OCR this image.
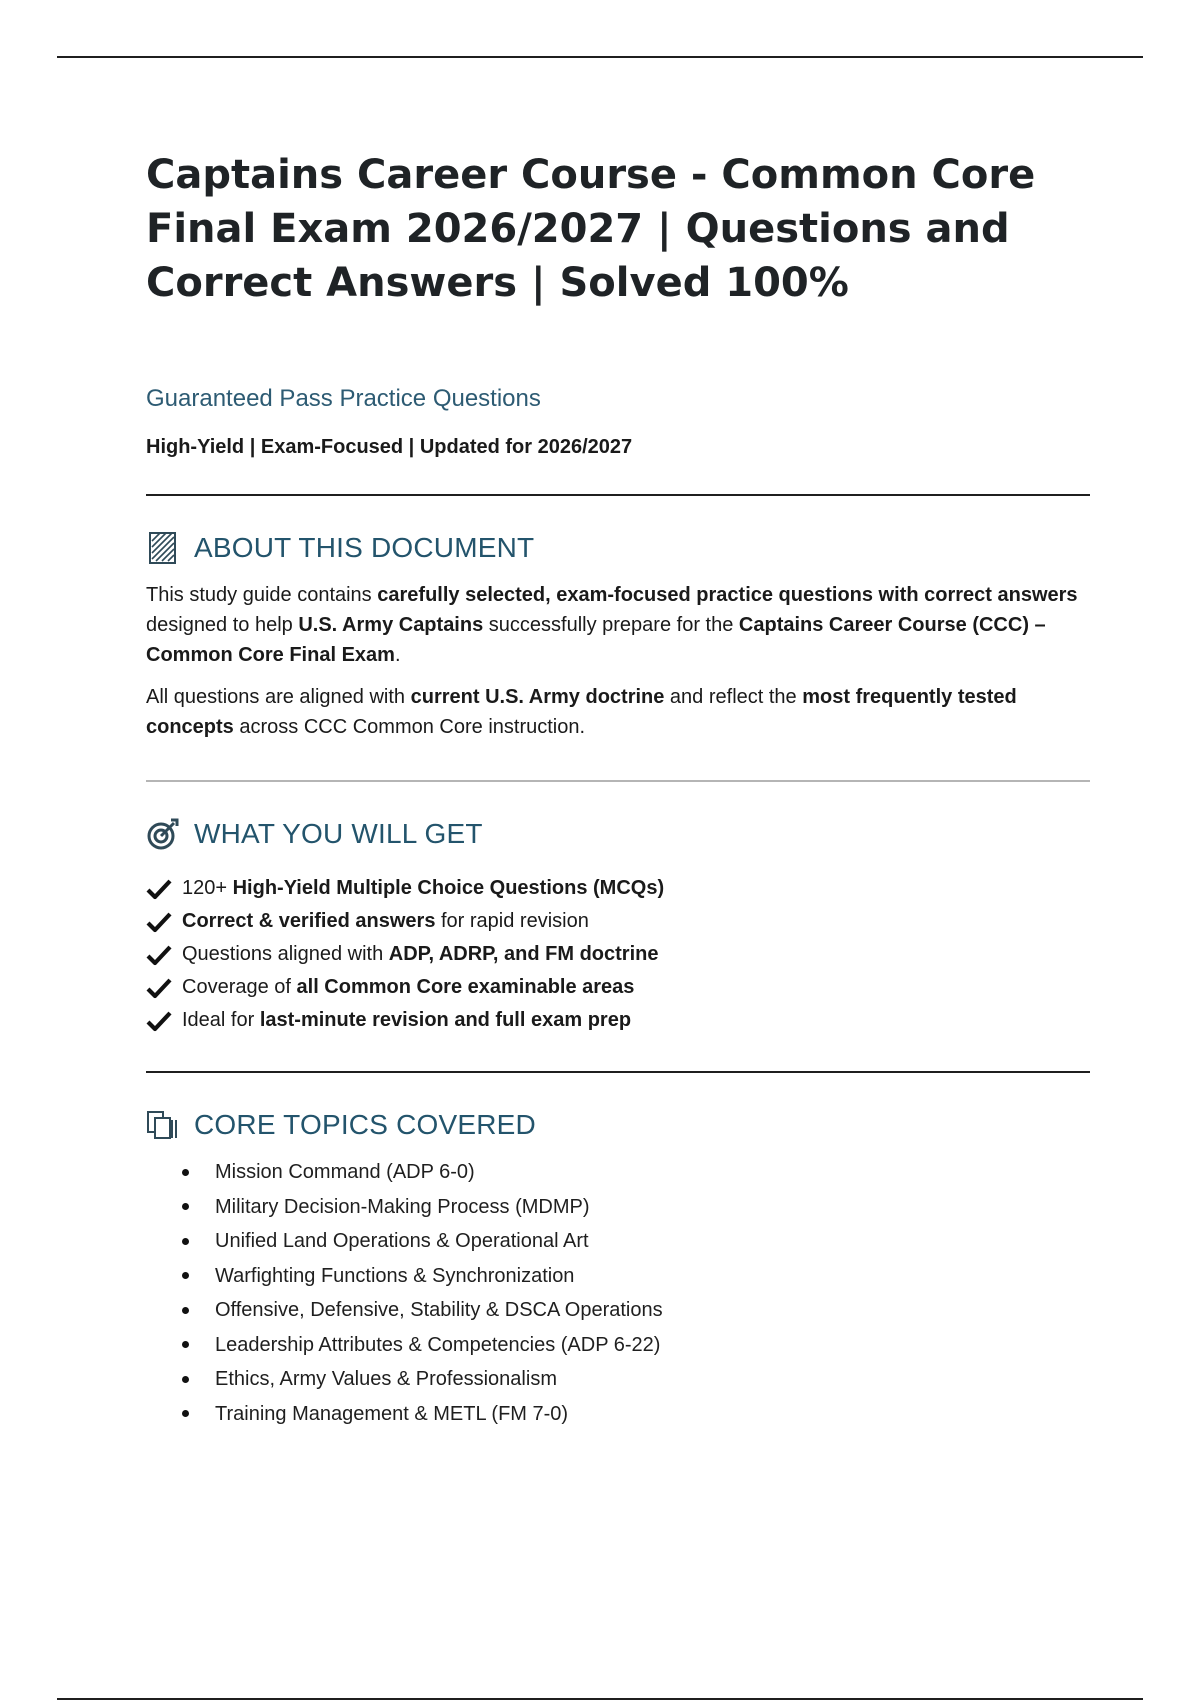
Captains Career Course - Common Core Final Exam 2026/2027 | Questions and Correct Answers | Solved 100%
Guaranteed Pass Practice Questions
High-Yield | Exam-Focused | Updated for 2026/2027
ABOUT THIS DOCUMENT

This study guide contains carefully selected, exam-focused practice questions with correct answers designed to help U.S. Army Captains successfully prepare for the Captains Career Course (CCC) – Common Core Final Exam.

All questions are aligned with current U.S. Army doctrine and reflect the most frequently tested concepts across CCC Common Core instruction.

WHAT YOU WILL GET
120+ High-Yield Multiple Choice Questions (MCQs)
Correct & verified answers for rapid revision
Questions aligned with ADP, ADRP, and FM doctrine
Coverage of all Common Core examinable areas
Ideal for last-minute revision and full exam prep
CORE TOPICS COVERED
Mission Command (ADP 6-0)
Military Decision-Making Process (MDMP)
Unified Land Operations & Operational Art
Warfighting Functions & Synchronization
Offensive, Defensive, Stability & DSCA Operations
Leadership Attributes & Competencies (ADP 6-22)
Ethics, Army Values & Professionalism
Training Management & METL (FM 7-0)
